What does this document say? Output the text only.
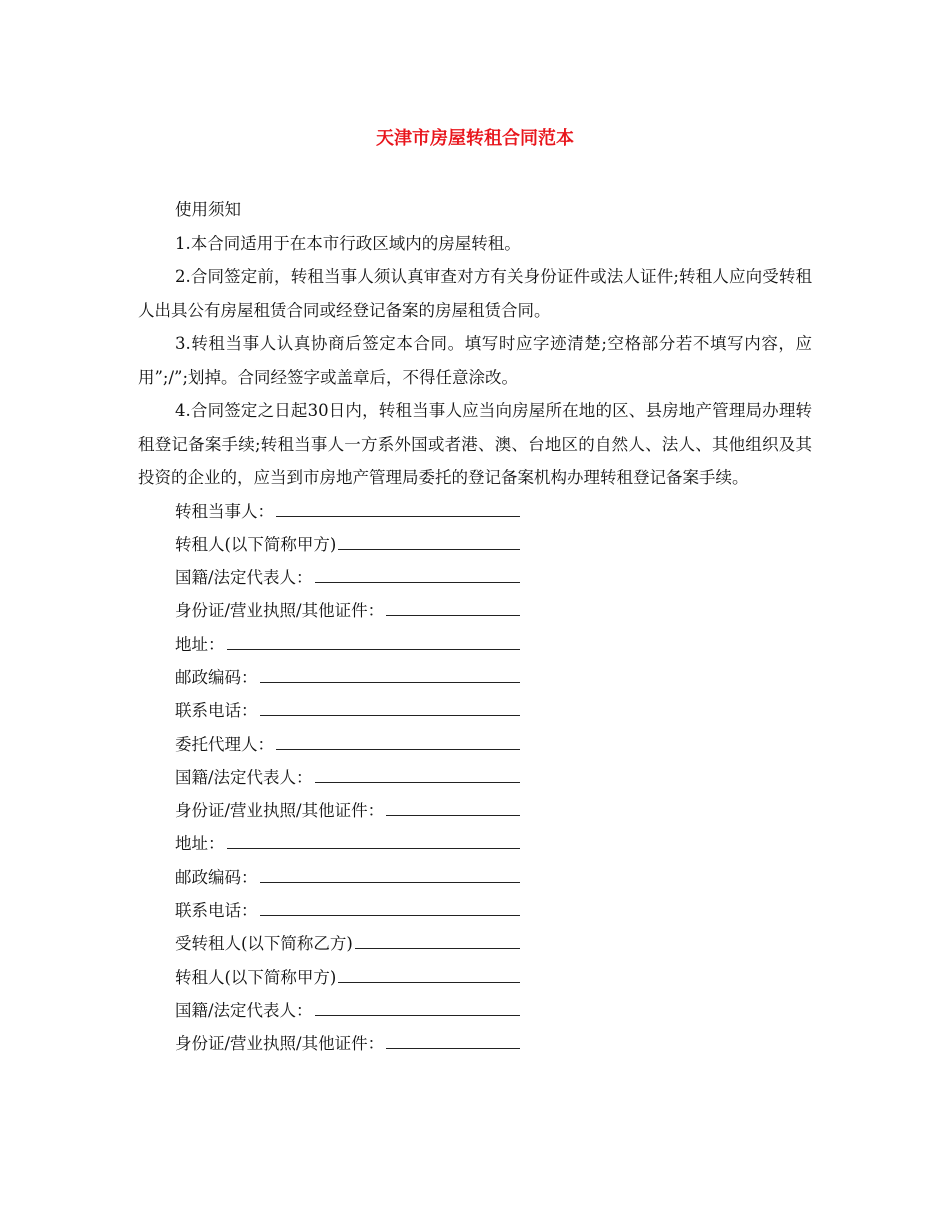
天津市房屋转租合同范本

使用须知

1.本合同适用于在本市行政区域内的房屋转租。

2.合同签定前，转租当事人须认真审查对方有关身份证件或法人证件;转租人应向受转租人出具公有房屋租赁合同或经登记备案的房屋租赁合同。

3.转租当事人认真协商后签定本合同。填写时应字迹清楚;空格部分若不填写内容，应用”;/”;划掉。合同经签字或盖章后，不得任意涂改。

4.合同签定之日起30日内，转租当事人应当向房屋所在地的区、县房地产管理局办理转租登记备案手续;转租当事人一方系外国或者港、澳、台地区的自然人、法人、其他组织及其投资的企业的，应当到市房地产管理局委托的登记备案机构办理转租登记备案手续。

转租当事人：
转租人(以下简称甲方)
国籍/法定代表人：
身份证/营业执照/其他证件：
地址：
邮政编码：
联系电话：
委托代理人：
国籍/法定代表人：
身份证/营业执照/其他证件：
地址：
邮政编码：
联系电话：
受转租人(以下简称乙方)
转租人(以下简称甲方)
国籍/法定代表人：
身份证/营业执照/其他证件：
